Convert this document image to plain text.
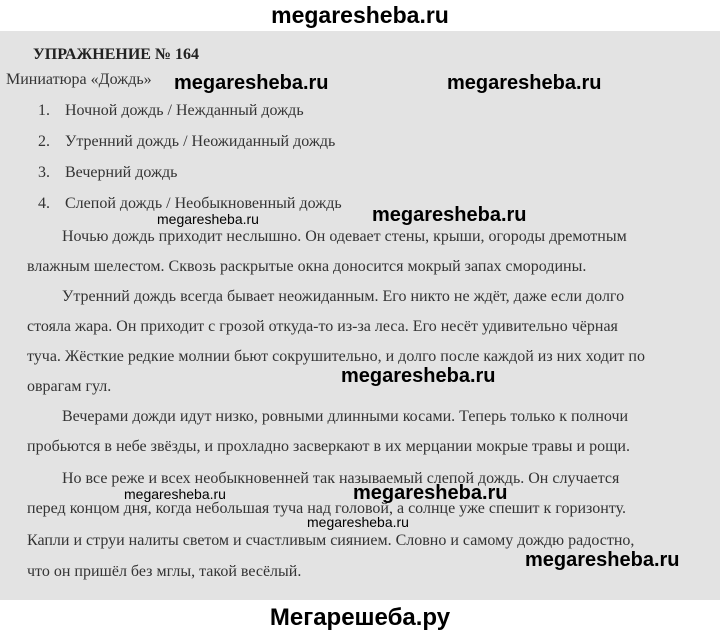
megaresheba.ru
УПРАЖНЕНИЕ № 164
Миниатюра «Дождь»
1. Ночной дождь / Нежданный дождь
2. Утренний дождь / Неожиданный дождь
3. Вечерний дождь
4. Слепой дождь / Необыкновенный дождь
Ночью дождь приходит неслышно. Он одевает стены, крыши, огороды дремотным
влажным шелестом. Сквозь раскрытые окна доносится мокрый запах смородины.
Утренний дождь всегда бывает неожиданным. Его никто не ждёт, даже если долго
стояла жара. Он приходит с грозой откуда-то из-за леса. Его несёт удивительно чёрная
туча. Жёсткие редкие молнии бьют сокрушительно, и долго после каждой из них ходит по
оврагам гул.
Вечерами дожди идут низко, ровными длинными косами. Теперь только к полночи
пробьются в небе звёзды, и прохладно засверкают в их мерцании мокрые травы и рощи.
Но все реже и всех необыкновенней так называемый слепой дождь. Он случается
перед концом дня, когда небольшая туча над головой, а солнце уже спешит к горизонту.
Капли и струи налиты светом и счастливым сиянием. Словно и самому дождю радостно,
что он пришёл без мглы, такой весёлый.
megaresheba.ru	megaresheba.ru
megaresheba.ru
megaresheba.ru
megaresheba.ru
megaresheba.ru
megaresheba.ru
megaresheba.ru
megaresheba.ru
Мегарешеба.ру
